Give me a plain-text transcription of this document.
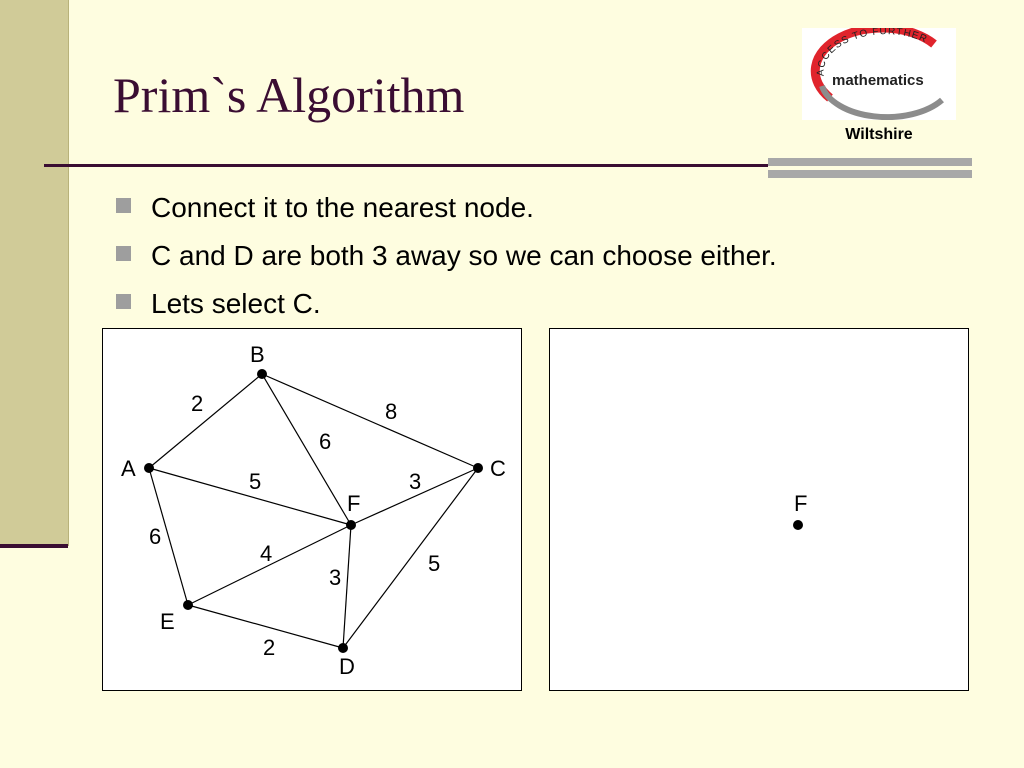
Prim`s Algorithm	ACCESS TO FURTHER
mathematics
Wiltshire
Connect it to the nearest node.
C and D are both 3 away so we can choose either.
Lets select C.
2	8
6
5	3
6
4
3
5
2
A
B
C
F
E
D
F
